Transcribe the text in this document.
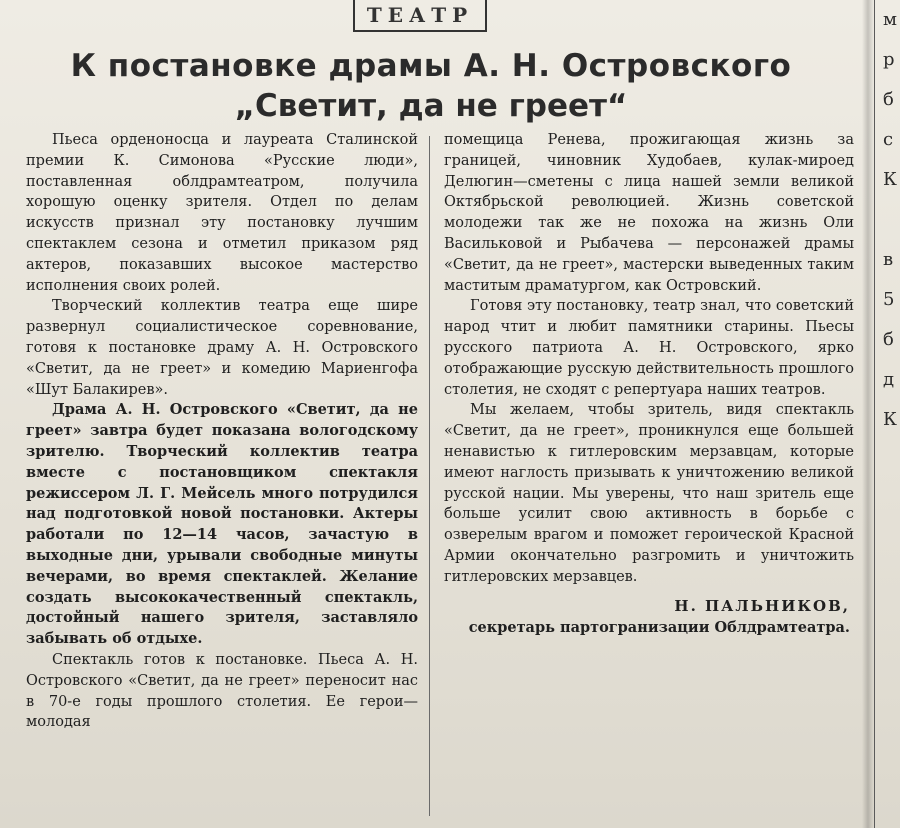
м
р
б
с
К
в
5
б
д
К
ТЕАТР
К постановке драмы А. Н. Островского
„Светит, да не греет“

Пьеса орденоносца и лауреата Сталинской премии К. Симонова «Русские люди», поставленная облдрамтеатром, получила хорошую оценку зрителя. Отдел по делам искусств признал эту постановку лучшим спектаклем сезона и отметил приказом ряд актеров, показавших высокое мастерство исполнения своих ролей.

Творческий коллектив театра еще шире развернул социалистическое соревнование, готовя к постановке драму А. Н. Островского «Светит, да не греет» и комедию Мариенгофа «Шут Балакирев».

Драма А. Н. Островского «Светит, да не греет» завтра будет показана вологодскому зрителю. Творческий коллектив театра вместе с постановщиком спектакля режиссером Л. Г. Мейсель много потрудился над подготовкой новой постановки. Актеры работали по 12—14 часов, зачастую в выходные дни, урывали свободные минуты вечерами, во время спектаклей. Желание создать высококачественный спектакль, достойный нашего зрителя, заставляло забывать об отдыхе.

Спектакль готов к постановке. Пьеса А. Н. Островского «Светит, да не греет» переносит нас в 70-е годы прошлого столетия. Ее герои—молодая

помещица Ренева, прожигающая жизнь за границей, чиновник Худобаев, кулак-мироед Делюгин—сметены с лица нашей земли великой Октябрьской революцией. Жизнь советской молодежи так же не похожа на жизнь Оли Васильковой и Рыбачева — персонажей драмы «Светит, да не греет», мастерски выведенных таким маститым драматургом, как Островский.

Готовя эту постановку, театр знал, что советский народ чтит и любит памятники старины. Пьесы русского патриота А. Н. Островского, ярко отображающие русскую действительность прошлого столетия, не сходят с репертуара наших театров.

Мы желаем, чтобы зритель, видя спектакль «Светит, да не греет», проникнулся еще большей ненавистью к гитлеровским мерзавцам, которые имеют наглость призывать к уничтожению великой русской нации. Мы уверены, что наш зритель еще больше усилит свою активность в борьбе с озверелым врагом и поможет героической Красной Армии окончательно разгромить и уничтожить гитлеровских мерзавцев.

Н. ПАЛЬНИКОВ,

секретарь партогранизации Облдрамтеатра.
